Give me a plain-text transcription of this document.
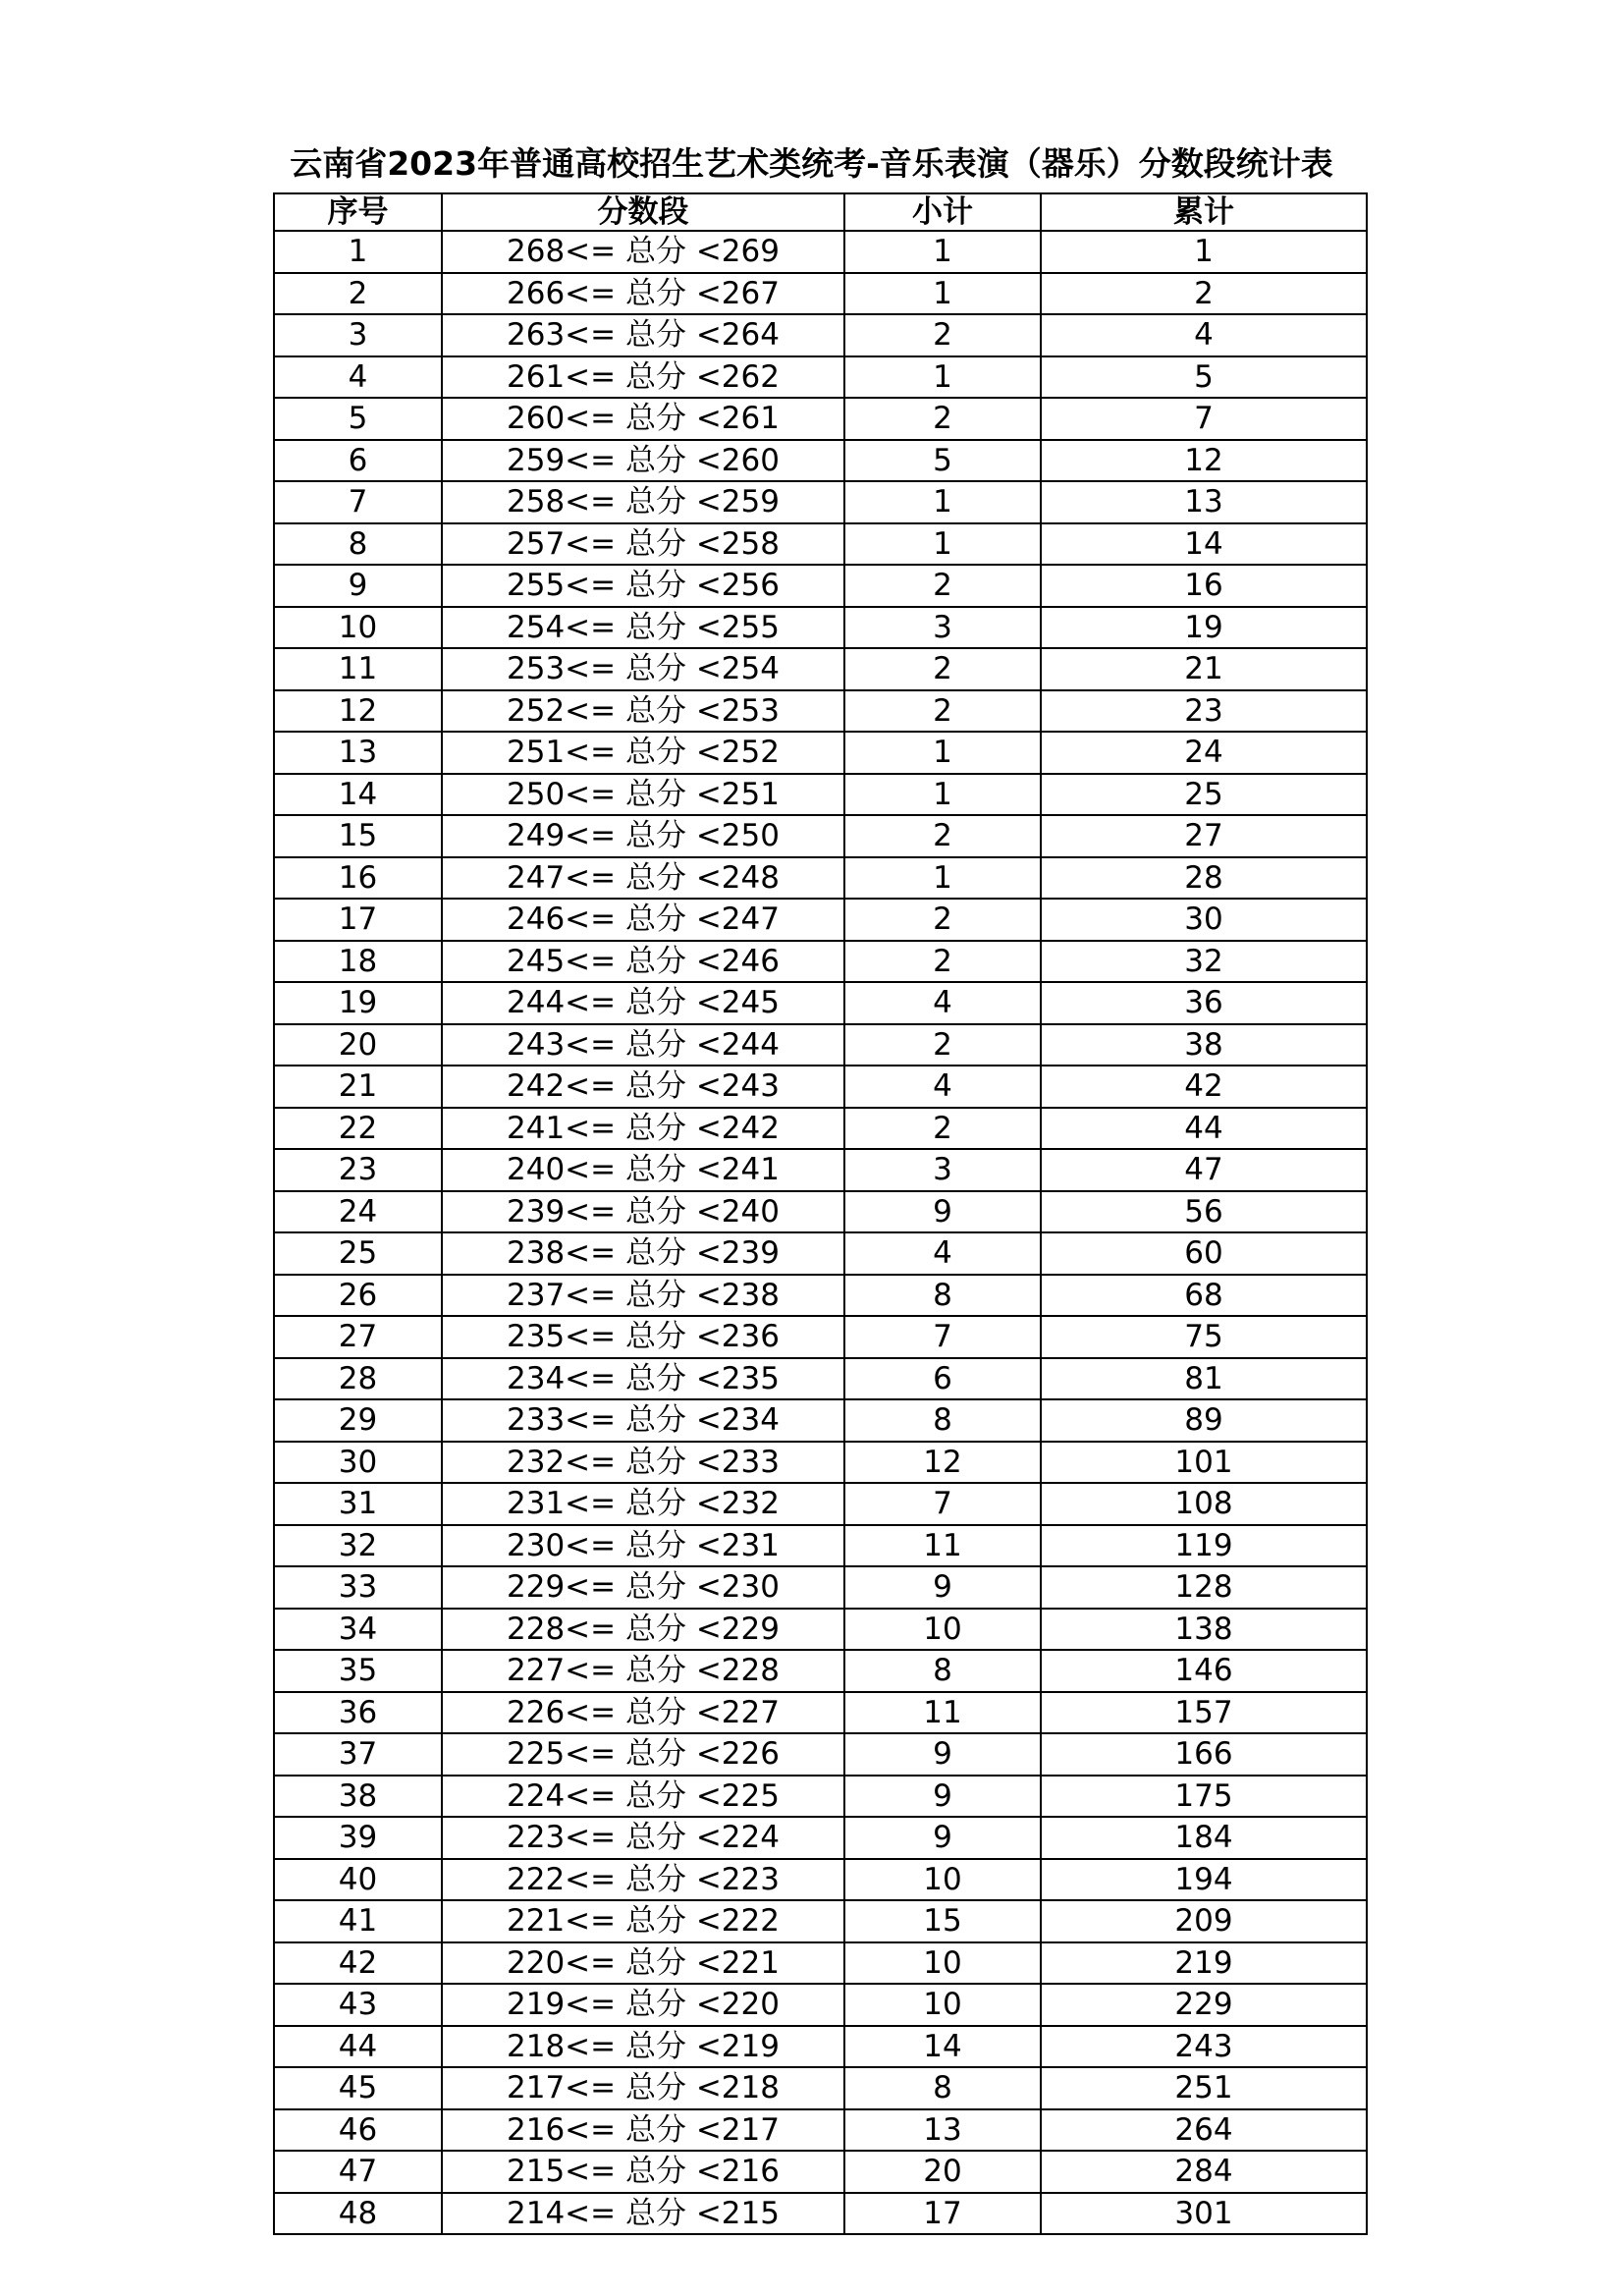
云南省2023年普通高校招生艺术类统考-音乐表演（器乐）分数段统计表
序号	分数段	小计	累计
1	268<= 总分 <269	1	1
2	266<= 总分 <267	1	2
3	263<= 总分 <264	2	4
4	261<= 总分 <262	1	5
5	260<= 总分 <261	2	7
6	259<= 总分 <260	5	12
7	258<= 总分 <259	1	13
8	257<= 总分 <258	1	14
9	255<= 总分 <256	2	16
10	254<= 总分 <255	3	19
11	253<= 总分 <254	2	21
12	252<= 总分 <253	2	23
13	251<= 总分 <252	1	24
14	250<= 总分 <251	1	25
15	249<= 总分 <250	2	27
16	247<= 总分 <248	1	28
17	246<= 总分 <247	2	30
18	245<= 总分 <246	2	32
19	244<= 总分 <245	4	36
20	243<= 总分 <244	2	38
21	242<= 总分 <243	4	42
22	241<= 总分 <242	2	44
23	240<= 总分 <241	3	47
24	239<= 总分 <240	9	56
25	238<= 总分 <239	4	60
26	237<= 总分 <238	8	68
27	235<= 总分 <236	7	75
28	234<= 总分 <235	6	81
29	233<= 总分 <234	8	89
30	232<= 总分 <233	12	101
31	231<= 总分 <232	7	108
32	230<= 总分 <231	11	119
33	229<= 总分 <230	9	128
34	228<= 总分 <229	10	138
35	227<= 总分 <228	8	146
36	226<= 总分 <227	11	157
37	225<= 总分 <226	9	166
38	224<= 总分 <225	9	175
39	223<= 总分 <224	9	184
40	222<= 总分 <223	10	194
41	221<= 总分 <222	15	209
42	220<= 总分 <221	10	219
43	219<= 总分 <220	10	229
44	218<= 总分 <219	14	243
45	217<= 总分 <218	8	251
46	216<= 总分 <217	13	264
47	215<= 总分 <216	20	284
48	214<= 总分 <215	17	301
